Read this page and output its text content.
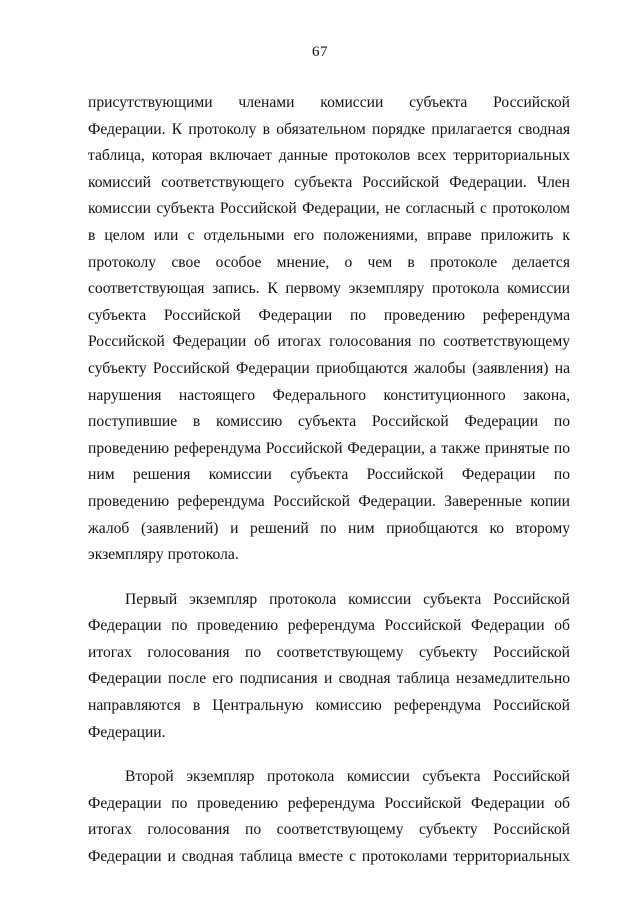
67
присутствующими членами комиссии субъекта Российской
Федерации. К протоколу в обязательном порядке прилагается сводная
таблица, которая включает данные протоколов всех территориальных
комиссий соответствующего субъекта Российской Федерации. Член
комиссии субъекта Российской Федерации, не согласный с протоколом
в целом или с отдельными его положениями, вправе приложить к
протоколу свое особое мнение, о чем в протоколе делается
соответствующая запись. К первому экземпляру протокола комиссии
субъекта Российской Федерации по проведению референдума
Российской Федерации об итогах голосования по соответствующему
субъекту Российской Федерации приобщаются жалобы (заявления) на
нарушения настоящего Федерального конституционного закона,
поступившие в комиссию субъекта Российской Федерации по
проведению референдума Российской Федерации, а также принятые по
ним решения комиссии субъекта Российской Федерации по
проведению референдума Российской Федерации. Заверенные копии
жалоб (заявлений) и решений по ним приобщаются ко второму
экземпляру протокола.
Первый экземпляр протокола комиссии субъекта Российской
Федерации по проведению референдума Российской Федерации об
итогах голосования по соответствующему субъекту Российской
Федерации после его подписания и сводная таблица незамедлительно
направляются в Центральную комиссию референдума Российской
Федерации.
Второй экземпляр протокола комиссии субъекта Российской
Федерации по проведению референдума Российской Федерации об
итогах голосования по соответствующему субъекту Российской
Федерации и сводная таблица вместе с протоколами территориальных
